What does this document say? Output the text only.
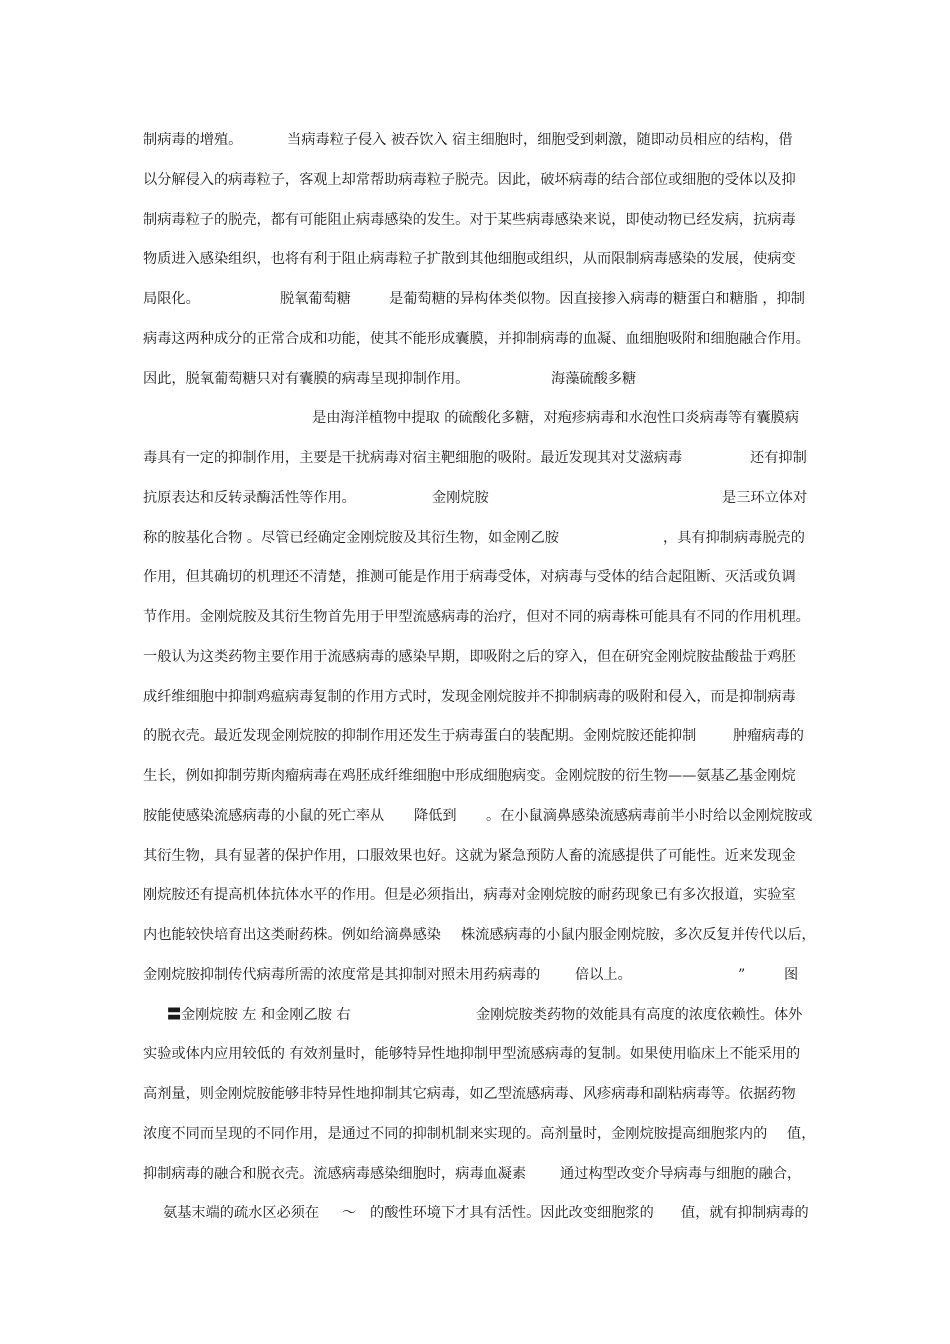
制病毒的增殖。	当病毒粒子侵入 被吞饮入 宿主细胞时，细胞受到刺激，随即动员相应的结构，借
以分解侵入的病毒粒子，客观上却常帮助病毒粒子脱壳。因此，破坏病毒的结合部位或细胞的受体以及抑
制病毒粒子的脱壳，都有可能阻止病毒感染的发生。对于某些病毒感染来说，即使动物已经发病，抗病毒
物质进入感染组织，也将有利于阻止病毒粒子扩散到其他细胞或组织，从而限制病毒感染的发展，使病变
局限化。	脱氧葡萄糖	是葡萄糖的异构体类似物。因直接掺入病毒的糖蛋白和糖脂 ，抑制
病毒这两种成分的正常合成和功能，使其不能形成囊膜，并抑制病毒的血凝、血细胞吸附和细胞融合作用。
因此，脱氧葡萄糖只对有囊膜的病毒呈现抑制作用。	海藻硫酸多糖
是由海洋植物中提取 的硫酸化多糖，对疱疹病毒和水泡性口炎病毒等有囊膜病
毒具有一定的抑制作用，主要是干扰病毒对宿主靶细胞的吸附。最近发现其对艾滋病毒	还有抑制
抗原表达和反转录酶活性等作用。	金刚烷胺	是三环立体对
称的胺基化合物 。尽管已经确定金刚烷胺及其衍生物，如金刚乙胺	，具有抑制病毒脱壳的
作用，但其确切的机理还不清楚，推测可能是作用于病毒受体，对病毒与受体的结合起阻断、灭活或负调
节作用。金刚烷胺及其衍生物首先用于甲型流感病毒的治疗，但对不同的病毒株可能具有不同的作用机理。
一般认为这类药物主要作用于流感病毒的感染早期，即吸附之后的穿入，但在研究金刚烷胺盐酸盐于鸡胚
成纤维细胞中抑制鸡瘟病毒复制的作用方式时，发现金刚烷胺并不抑制病毒的吸附和侵入，而是抑制病毒
的脱衣壳。最近发现金刚烷胺的抑制作用还发生于病毒蛋白的装配期。金刚烷胺还能抑制	肿瘤病毒的
生长，例如抑制劳斯肉瘤病毒在鸡胚成纤维细胞中形成细胞病变。金刚烷胺的衍生物——氨基乙基金刚烷
胺能使感染流感病毒的小鼠的死亡率从 降低到 。在小鼠滴鼻感染流感病毒前半小时给以金刚烷胺或
其衍生物，具有显著的保护作用，口服效果也好。这就为紧急预防人畜的流感提供了可能性。近来发现金
刚烷胺还有提高机体抗体水平的作用。但是必须指出，病毒对金刚烷胺的耐药现象已有多次报道，实验室
内也能较快培育出这类耐药株。例如给滴鼻感染 株流感病毒的小鼠内服金刚烷胺，多次反复并传代以后，
金刚烷胺抑制传代病毒所需的浓度常是其抑制对照未用药病毒的 倍以上。	”	图
〓 金刚烷胺 左 和金刚乙胺 右	金刚烷胺类药物的效能具有高度的浓度依赖性。体外
实验或体内应用较低的 有效剂量时，能够特异性地抑制甲型流感病毒的复制。如果使用临床上不能采用的
高剂量，则金刚烷胺能够非特异性地抑制其它病毒，如乙型流感病毒、风疹病毒和副粘病毒等。依据药物
浓度不同而呈现的不同作用，是通过不同的抑制机制来实现的。高剂量时，金刚烷胺提高细胞浆内的 值，
抑制病毒的融合和脱衣壳。流感病毒感染细胞时，病毒血凝素 通过构型改变介导病毒与细胞的融合，
氨基末端的疏水区必须在 ～ 的酸性环境下才具有活性。因此改变细胞浆的 值，就有抑制病毒的
